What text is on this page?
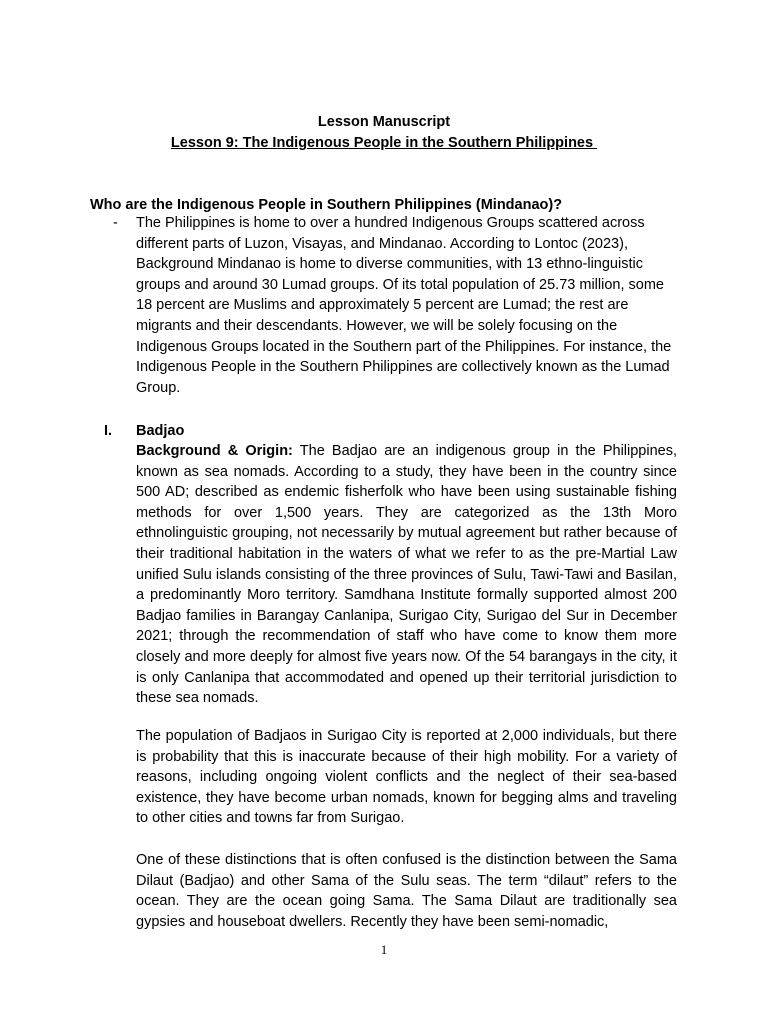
Lesson Manuscript
Lesson 9: The Indigenous People in the Southern Philippines
Who are the Indigenous People in Southern Philippines (Mindanao)?
- The Philippines is home to over a hundred Indigenous Groups scattered across different parts of Luzon, Visayas, and Mindanao. According to Lontoc (2023), Background Mindanao is home to diverse communities, with 13 ethno-linguistic groups and around 30 Lumad groups. Of its total population of 25.73 million, some 18 percent are Muslims and approximately 5 percent are Lumad; the rest are migrants and their descendants. However, we will be solely focusing on the Indigenous Groups located in the Southern part of the Philippines. For instance, the Indigenous People in the Southern Philippines are collectively known as the Lumad Group.

I. Badjao

Background & Origin: The Badjao are an indigenous group in the Philippines, known as sea nomads. According to a study, they have been in the country since 500 AD; described as endemic fisherfolk who have been using sustainable fishing methods for over 1,500 years. They are categorized as the 13th Moro ethnolinguistic grouping, not necessarily by mutual agreement but rather because of their traditional habitation in the waters of what we refer to as the pre-Martial Law unified Sulu islands consisting of the three provinces of Sulu, Tawi-Tawi and Basilan, a predominantly Moro territory. Samdhana Institute formally supported almost 200 Badjao families in Barangay Canlanipa, Surigao City, Surigao del Sur in December 2021; through the recommendation of staff who have come to know them more closely and more deeply for almost five years now. Of the 54 barangays in the city, it is only Canlanipa that accommodated and opened up their territorial jurisdiction to these sea nomads.

The population of Badjaos in Surigao City is reported at 2,000 individuals, but there is probability that this is inaccurate because of their high mobility. For a variety of reasons, including ongoing violent conflicts and the neglect of their sea-based existence, they have become urban nomads, known for begging alms and traveling to other cities and towns far from Surigao.

One of these distinctions that is often confused is the distinction between the Sama Dilaut (Badjao) and other Sama of the Sulu seas. The term “dilaut” refers to the ocean. They are the ocean going Sama. The Sama Dilaut are traditionally sea gypsies and houseboat dwellers. Recently they have been semi-nomadic,

1
